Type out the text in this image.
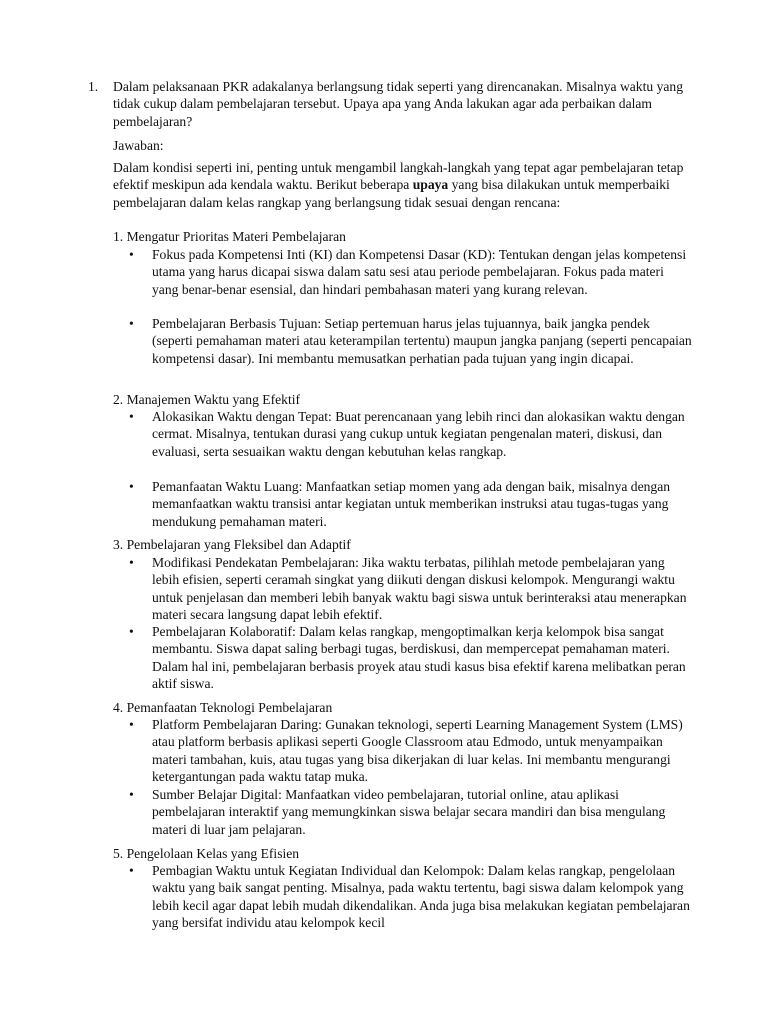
1. Dalam pelaksanaan PKR adakalanya berlangsung tidak seperti yang direncanakan. Misalnya waktu yang tidak cukup dalam pembelajaran tersebut. Upaya apa yang Anda lakukan agar ada perbaikan dalam pembelajaran?

Jawaban:

Dalam kondisi seperti ini, penting untuk mengambil langkah-langkah yang tepat agar pembelajaran tetap efektif meskipun ada kendala waktu. Berikut beberapa upaya yang bisa dilakukan untuk memperbaiki pembelajaran dalam kelas rangkap yang berlangsung tidak sesuai dengan rencana:

1. Mengatur Prioritas Materi Pembelajaran

• Fokus pada Kompetensi Inti (KI) dan Kompetensi Dasar (KD): Tentukan dengan jelas kompetensi utama yang harus dicapai siswa dalam satu sesi atau periode pembelajaran. Fokus pada materi yang benar-benar esensial, dan hindari pembahasan materi yang kurang relevan.

• Pembelajaran Berbasis Tujuan: Setiap pertemuan harus jelas tujuannya, baik jangka pendek (seperti pemahaman materi atau keterampilan tertentu) maupun jangka panjang (seperti pencapaian kompetensi dasar). Ini membantu memusatkan perhatian pada tujuan yang ingin dicapai.

2. Manajemen Waktu yang Efektif

• Alokasikan Waktu dengan Tepat: Buat perencanaan yang lebih rinci dan alokasikan waktu dengan cermat. Misalnya, tentukan durasi yang cukup untuk kegiatan pengenalan materi, diskusi, dan evaluasi, serta sesuaikan waktu dengan kebutuhan kelas rangkap.

• Pemanfaatan Waktu Luang: Manfaatkan setiap momen yang ada dengan baik, misalnya dengan memanfaatkan waktu transisi antar kegiatan untuk memberikan instruksi atau tugas-tugas yang mendukung pemahaman materi.

3. Pembelajaran yang Fleksibel dan Adaptif

• Modifikasi Pendekatan Pembelajaran: Jika waktu terbatas, pilihlah metode pembelajaran yang lebih efisien, seperti ceramah singkat yang diikuti dengan diskusi kelompok. Mengurangi waktu untuk penjelasan dan memberi lebih banyak waktu bagi siswa untuk berinteraksi atau menerapkan materi secara langsung dapat lebih efektif.

• Pembelajaran Kolaboratif: Dalam kelas rangkap, mengoptimalkan kerja kelompok bisa sangat membantu. Siswa dapat saling berbagi tugas, berdiskusi, dan mempercepat pemahaman materi. Dalam hal ini, pembelajaran berbasis proyek atau studi kasus bisa efektif karena melibatkan peran aktif siswa.

4. Pemanfaatan Teknologi Pembelajaran

• Platform Pembelajaran Daring: Gunakan teknologi, seperti Learning Management System (LMS) atau platform berbasis aplikasi seperti Google Classroom atau Edmodo, untuk menyampaikan materi tambahan, kuis, atau tugas yang bisa dikerjakan di luar kelas. Ini membantu mengurangi ketergantungan pada waktu tatap muka.

• Sumber Belajar Digital: Manfaatkan video pembelajaran, tutorial online, atau aplikasi pembelajaran interaktif yang memungkinkan siswa belajar secara mandiri dan bisa mengulang materi di luar jam pelajaran.

5. Pengelolaan Kelas yang Efisien

• Pembagian Waktu untuk Kegiatan Individual dan Kelompok: Dalam kelas rangkap, pengelolaan waktu yang baik sangat penting. Misalnya, pada waktu tertentu, bagi siswa dalam kelompok yang lebih kecil agar dapat lebih mudah dikendalikan. Anda juga bisa melakukan kegiatan pembelajaran yang bersifat individu atau kelompok kecil
